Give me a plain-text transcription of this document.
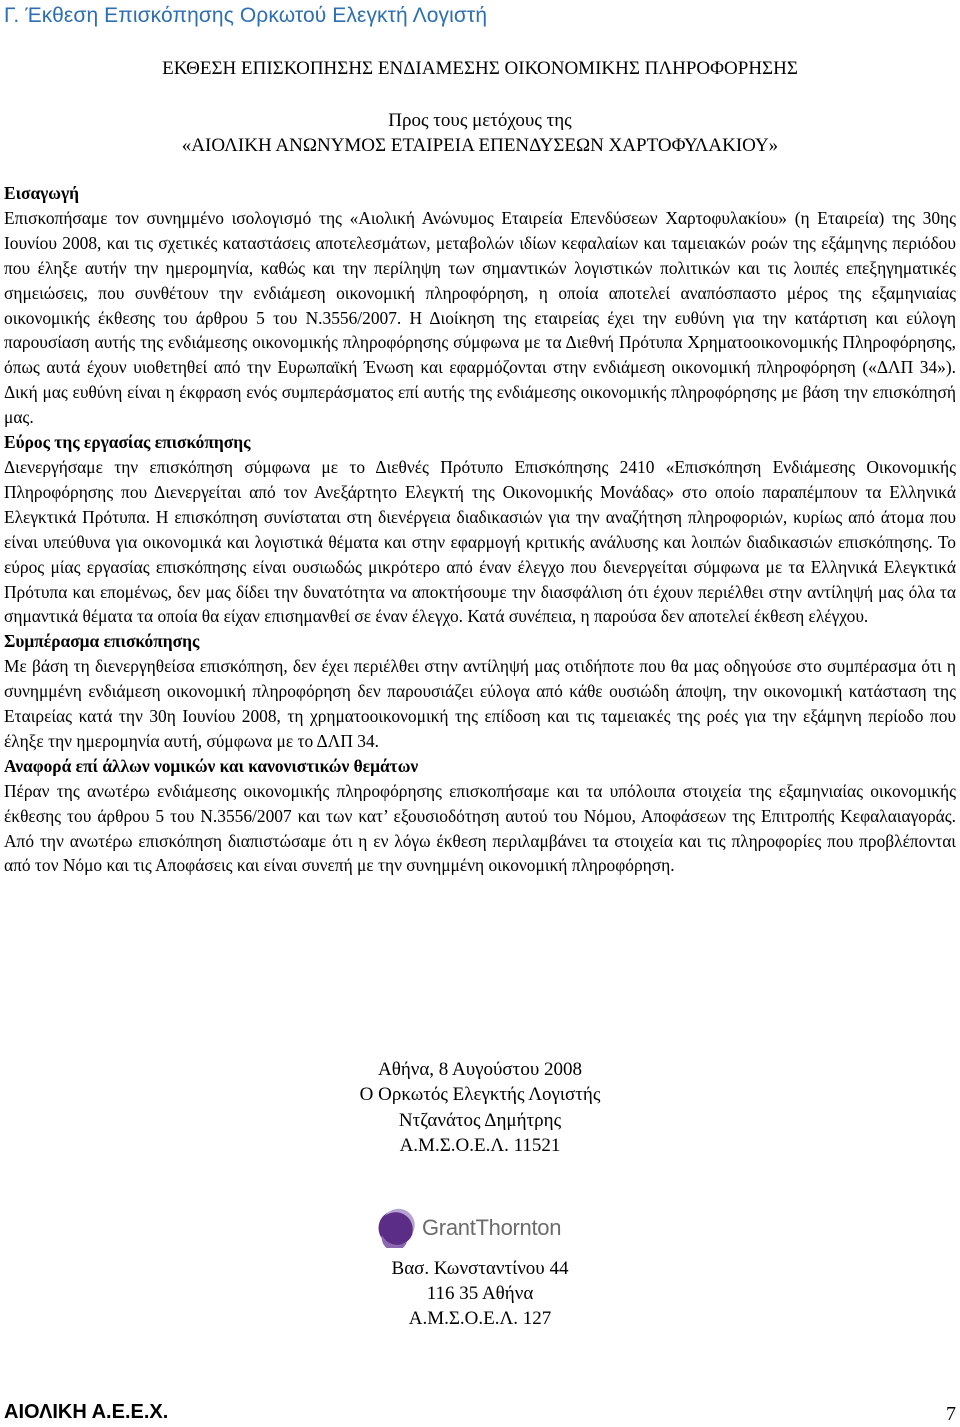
Γ. Έκθεση Επισκόπησης Ορκωτού Ελεγκτή Λογιστή
ΕΚΘΕΣΗ ΕΠΙΣΚΟΠΗΣΗΣ ΕΝΔΙΑΜΕΣΗΣ ΟΙΚΟΝΟΜΙΚΗΣ ΠΛΗΡΟΦΟΡΗΣΗΣ
Προς τους μετόχους της
«ΑΙΟΛΙΚΗ ΑΝΩΝΥΜΟΣ ΕΤΑΙΡΕΙΑ ΕΠΕΝΔΥΣΕΩΝ ΧΑΡΤΟΦΥΛΑΚΙΟΥ»
Εισαγωγή

Επισκοπήσαμε τον συνημμένο ισολογισμό της «Αιολική Ανώνυμος Εταιρεία Επενδύσεων Χαρτοφυλακίου» (η Εταιρεία) της 30ης Ιουνίου 2008, και τις σχετικές καταστάσεις αποτελεσμάτων, μεταβολών ιδίων κεφαλαίων και ταμειακών ροών της εξάμηνης περιόδου που έληξε αυτήν την ημερομηνία, καθώς και την περίληψη των σημαντικών λογιστικών πολιτικών και τις λοιπές επεξηγηματικές σημειώσεις, που συνθέτουν την ενδιάμεση οικονομική πληροφόρηση, η οποία αποτελεί αναπόσπαστο μέρος της εξαμηνιαίας οικονομικής έκθεσης του άρθρου 5 του Ν.3556/2007. Η Διοίκηση της εταιρείας έχει την ευθύνη για την κατάρτιση και εύλογη παρουσίαση αυτής της ενδιάμεσης οικονομικής πληροφόρησης σύμφωνα με τα Διεθνή Πρότυπα Χρηματοοικονομικής Πληροφόρησης, όπως αυτά έχουν υιοθετηθεί από την Ευρωπαϊκή Ένωση και εφαρμόζονται στην ενδιάμεση οικονομική πληροφόρηση («ΔΛΠ 34»). Δική μας ευθύνη είναι η έκφραση ενός συμπεράσματος επί αυτής της ενδιάμεσης οικονομικής πληροφόρησης με βάση την επισκόπησή μας.

Εύρος της εργασίας επισκόπησης

Διενεργήσαμε την επισκόπηση σύμφωνα με το Διεθνές Πρότυπο Επισκόπησης 2410 «Επισκόπηση Ενδιάμεσης Οικονομικής Πληροφόρησης που Διενεργείται από τον Ανεξάρτητο Ελεγκτή της Οικονομικής Μονάδας» στο οποίο παραπέμπουν τα Ελληνικά Ελεγκτικά Πρότυπα. Η επισκόπηση συνίσταται στη διενέργεια διαδικασιών για την αναζήτηση πληροφοριών, κυρίως από άτομα που είναι υπεύθυνα για οικονομικά και λογιστικά θέματα και στην εφαρμογή κριτικής ανάλυσης και λοιπών διαδικασιών επισκόπησης. Το εύρος μίας εργασίας επισκόπησης είναι ουσιωδώς μικρότερο από έναν έλεγχο που διενεργείται σύμφωνα με τα Ελληνικά Ελεγκτικά Πρότυπα και επομένως, δεν μας δίδει την δυνατότητα να αποκτήσουμε την διασφάλιση ότι έχουν περιέλθει στην αντίληψή μας όλα τα σημαντικά θέματα τα οποία θα είχαν επισημανθεί σε έναν έλεγχο. Κατά συνέπεια, η παρούσα δεν αποτελεί έκθεση ελέγχου.

Συμπέρασμα επισκόπησης

Με βάση τη διενεργηθείσα επισκόπηση, δεν έχει περιέλθει στην αντίληψή μας οτιδήποτε που θα μας οδηγούσε στο συμπέρασμα ότι η συνημμένη ενδιάμεση οικονομική πληροφόρηση δεν παρουσιάζει εύλογα από κάθε ουσιώδη άποψη, την οικονομική κατάσταση της Εταιρείας κατά την 30η Ιουνίου 2008, τη χρηματοοικονομική της επίδοση και τις ταμειακές της ροές για την εξάμηνη περίοδο που έληξε την ημερομηνία αυτή, σύμφωνα με το ΔΛΠ 34.

Αναφορά επί άλλων νομικών και κανονιστικών θεμάτων

Πέραν της ανωτέρω ενδιάμεσης οικονομικής πληροφόρησης επισκοπήσαμε και τα υπόλοιπα στοιχεία της εξαμηνιαίας οικονομικής έκθεσης του άρθρου 5 του Ν.3556/2007 και των κατ’ εξουσιοδότηση αυτού του Νόμου, Αποφάσεων της Επιτροπής Κεφαλαιαγοράς. Από την ανωτέρω επισκόπηση διαπιστώσαμε ότι η εν λόγω έκθεση περιλαμβάνει τα στοιχεία και τις πληροφορίες που προβλέπονται από τον Νόμο και τις Αποφάσεις και είναι συνεπή με την συνημμένη οικονομική πληροφόρηση.

Αθήνα, 8 Αυγούστου 2008
Ο Ορκωτός Ελεγκτής Λογιστής
Ντζανάτος Δημήτρης
Α.Μ.Σ.Ο.Ε.Λ. 11521
GrantThornton
Βασ. Κωνσταντίνου 44
116 35 Αθήνα
Α.Μ.Σ.Ο.Ε.Λ. 127
ΑΙΟΛΙΚΗ Α.Ε.Ε.Χ.	7
